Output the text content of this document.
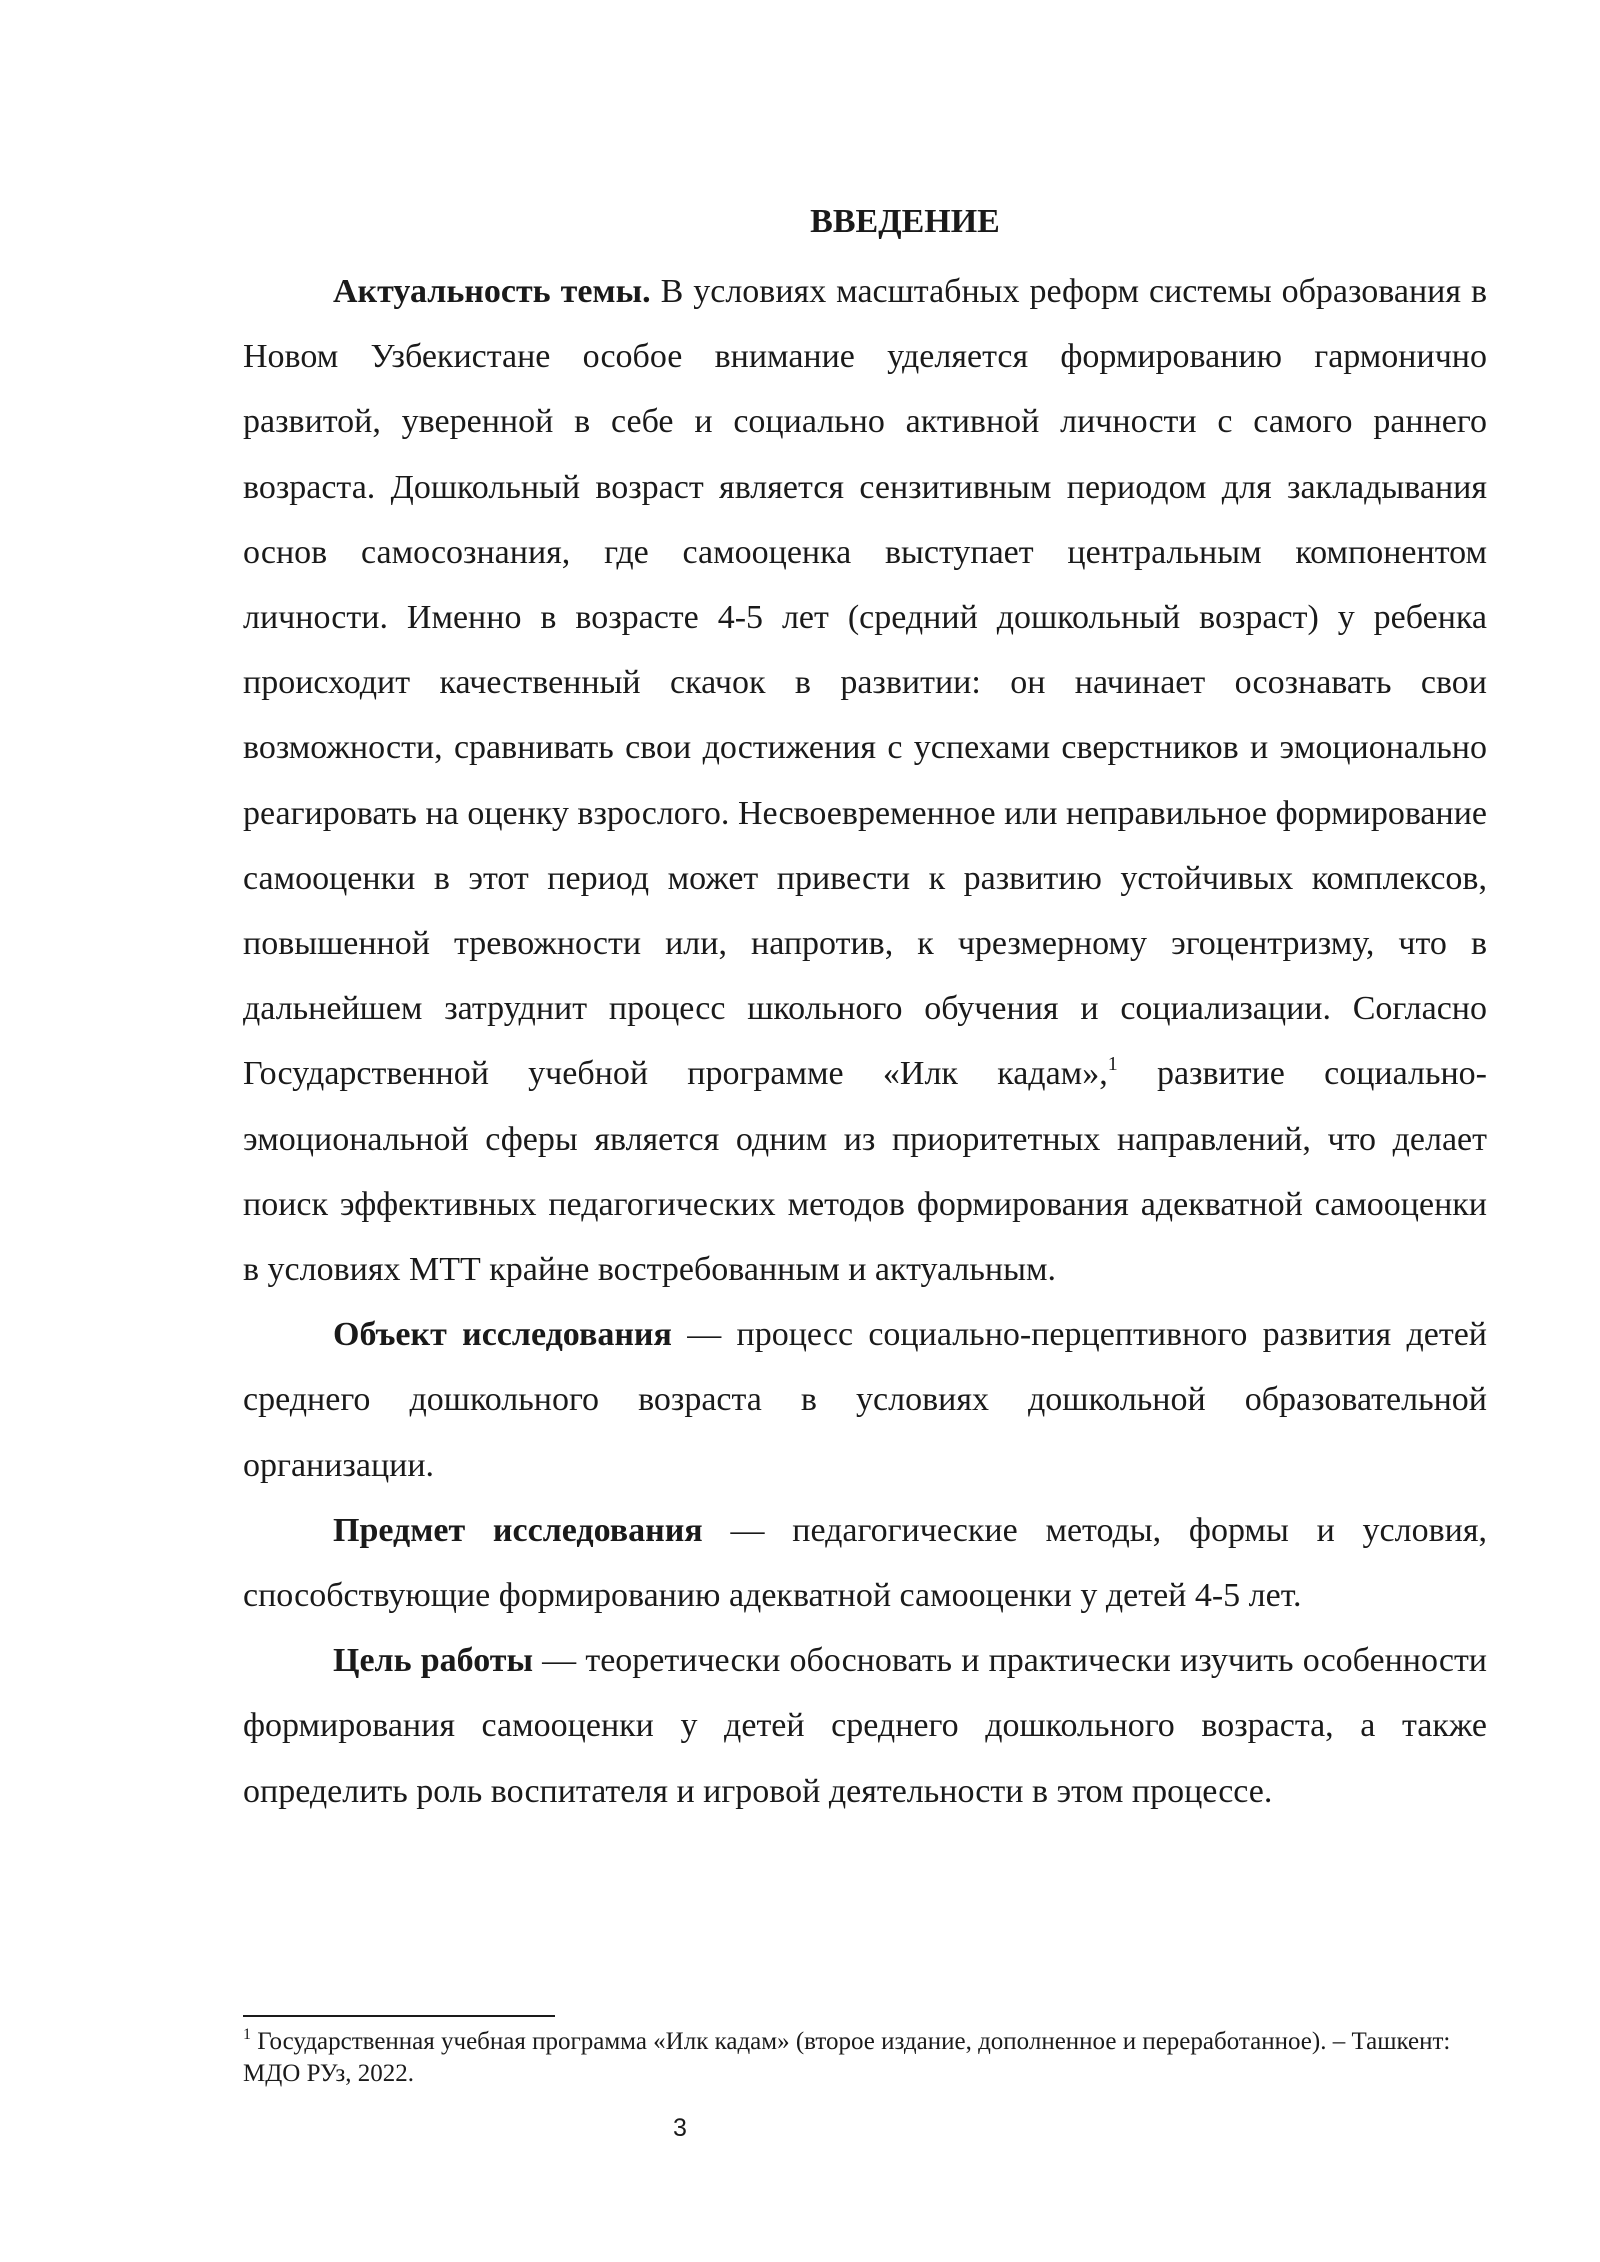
ВВЕДЕНИЕ

Актуальность темы. В условиях масштабных реформ системы образования в Новом Узбекистане особое внимание уделяется формированию гармонично развитой, уверенной в себе и социально активной личности с самого раннего возраста. Дошкольный возраст является сензитивным периодом для закладывания основ самосознания, где самооценка выступает центральным компонентом личности. Именно в возрасте 4-5 лет (средний дошкольный возраст) у ребенка происходит качественный скачок в развитии: он начинает осознавать свои возможности, сравнивать свои достижения с успехами сверстников и эмоционально реагировать на оценку взрослого. Несвоевременное или неправильное формирование самооценки в этот период может привести к развитию устойчивых комплексов, повышенной тревожности или, напротив, к чрезмерному эгоцентризму, что в дальнейшем затруднит процесс школьного обучения и социализации. Согласно Государственной учебной программе «Илк кадам»,$^1$ развитие социально-эмоциональной сферы является одним из приоритетных направлений, что делает поиск эффективных педагогических методов формирования адекватной самооценки в условиях МТТ крайне востребованным и актуальным.

Объект исследования — процесс социально-перцептивного развития детей среднего дошкольного возраста в условиях дошкольной образовательной организации.

Предмет исследования — педагогические методы, формы и условия, способствующие формированию адекватной самооценки у детей 4-5 лет.

Цель работы — теоретически обосновать и практически изучить особенности формирования самооценки у детей среднего дошкольного возраста, а также определить роль воспитателя и игровой деятельности в этом процессе.

$^1$ Государственная учебная программа «Илк кадам» (второе издание, дополненное и переработанное). – Ташкент: МДО РУз, 2022.
3
